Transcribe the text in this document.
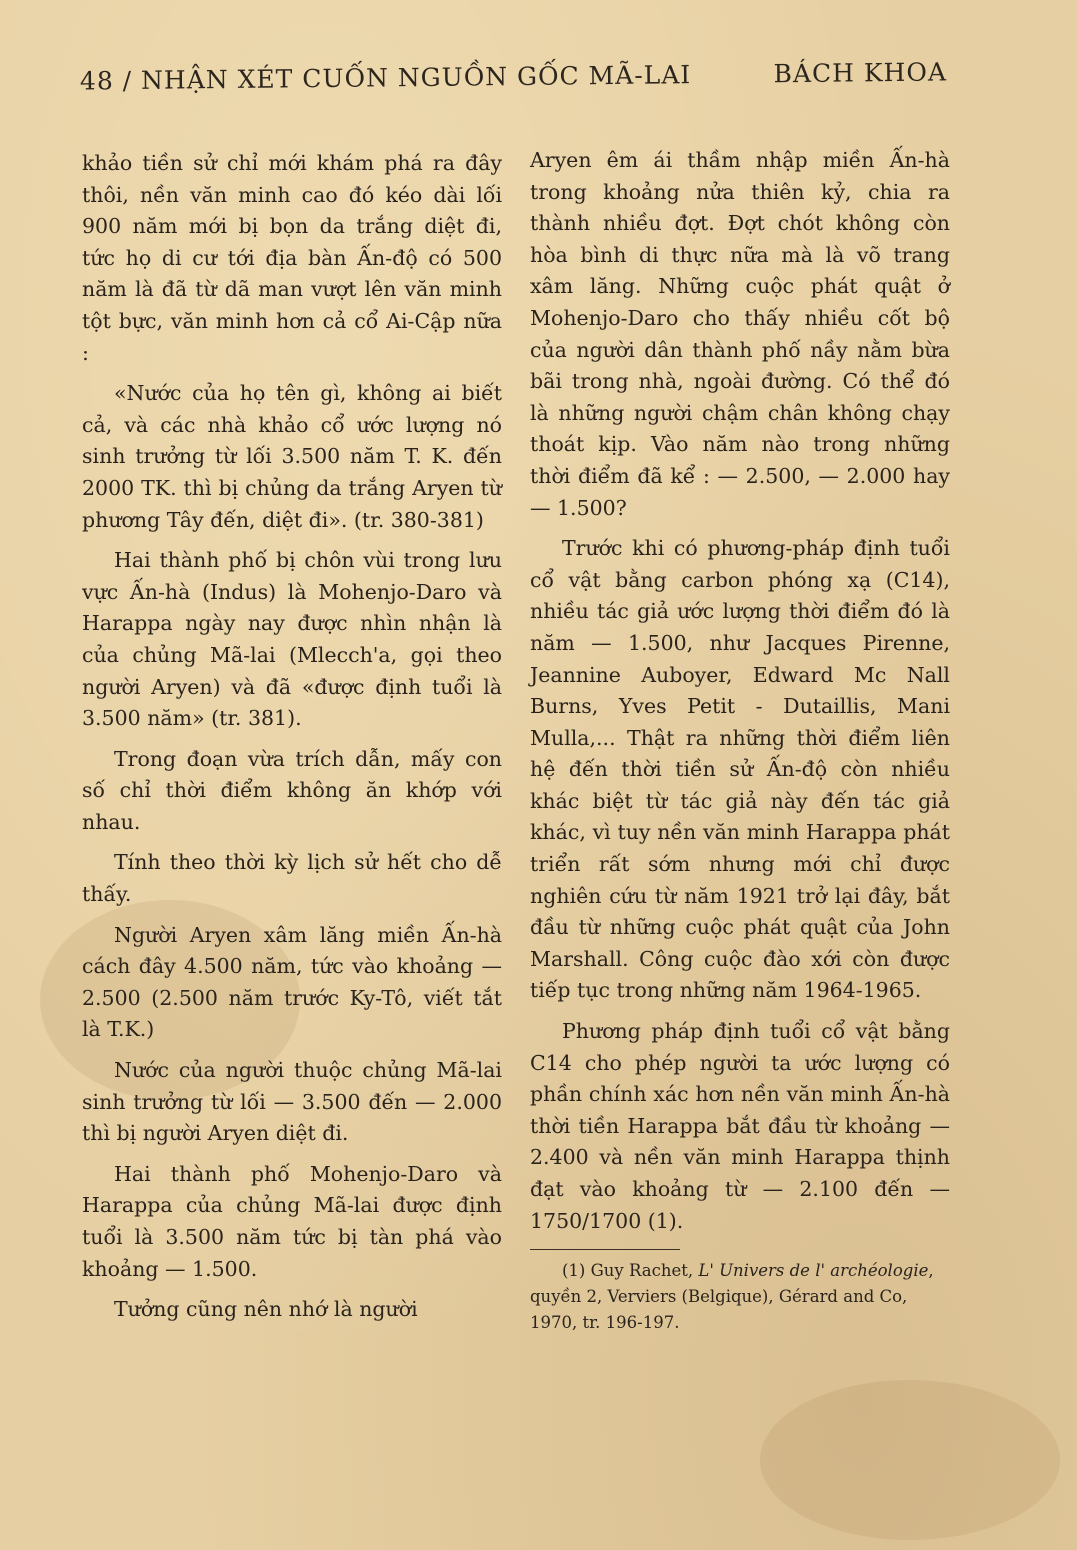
48 / NHẬN XÉT CUỐN NGUỒN GỐC MÃ-LAI	BÁCH KHOA

khảo tiền sử chỉ mới khám phá ra đây thôi, nền văn minh cao đó kéo dài lối 900 năm mới bị bọn da trắng diệt đi, tức họ di cư tới địa bàn Ấn-độ có 500 năm là đã từ dã man vượt lên văn minh tột bực, văn minh hơn cả cổ Ai-Cập nữa :

«Nước của họ tên gì, không ai biết cả, và các nhà khảo cổ ước lượng nó sinh trưởng từ lối 3.500 năm T. K. đến 2000 TK. thì bị chủng da trắng Aryen từ phương Tây đến, diệt đi». (tr. 380-381)

Hai thành phố bị chôn vùi trong lưu vực Ấn-hà (Indus) là Mohenjo-Daro và Harappa ngày nay được nhìn nhận là của chủng Mã-lai (Mlecch'a, gọi theo người Aryen) và đã «được định tuổi là 3.500 năm» (tr. 381).

Trong đoạn vừa trích dẫn, mấy con số chỉ thời điểm không ăn khớp với nhau.

Tính theo thời kỳ lịch sử hết cho dễ thấy.

Người Aryen xâm lăng miền Ấn-hà cách đây 4.500 năm, tức vào khoảng — 2.500 (2.500 năm trước Ky-Tô, viết tắt là T.K.)

Nước của người thuộc chủng Mã-lai sinh trưởng từ lối — 3.500 đến — 2.000 thì bị người Aryen diệt đi.

Hai thành phố Mohenjo-Daro và Harappa của chủng Mã-lai được định tuổi là 3.500 năm tức bị tàn phá vào khoảng — 1.500.

Tưởng cũng nên nhớ là người

Aryen êm ái thầm nhập miền Ấn-hà trong khoảng nửa thiên kỷ, chia ra thành nhiều đợt. Đợt chót không còn hòa bình di thực nữa mà là võ trang xâm lăng. Những cuộc phát quật ở Mohenjo-Daro cho thấy nhiều cốt bộ của người dân thành phố nầy nằm bừa bãi trong nhà, ngoài đường. Có thể đó là những người chậm chân không chạy thoát kịp. Vào năm nào trong những thời điểm đã kể : — 2.500, — 2.000 hay — 1.500?

Trước khi có phương-pháp định tuổi cổ vật bằng carbon phóng xạ (C14), nhiều tác giả ước lượng thời điểm đó là năm — 1.500, như Jacques Pirenne, Jeannine Auboyer, Edward Mc Nall Burns, Yves Petit - Dutaillis, Mani Mulla,... Thật ra những thời điểm liên hệ đến thời tiền sử Ấn-độ còn nhiều khác biệt từ tác giả này đến tác giả khác, vì tuy nền văn minh Harappa phát triển rất sớm nhưng mới chỉ được nghiên cứu từ năm 1921 trở lại đây, bắt đầu từ những cuộc phát quật của John Marshall. Công cuộc đào xới còn được tiếp tục trong những năm 1964-1965.

Phương pháp định tuổi cổ vật bằng C14 cho phép người ta ước lượng có phần chính xác hơn nền văn minh Ấn-hà thời tiền Harappa bắt đầu từ khoảng — 2.400 và nền văn minh Harappa thịnh đạt vào khoảng từ — 2.100 đến — 1750/1700 (1).

(1) Guy Rachet, L' Univers de l' archéologie, quyền 2, Verviers (Belgique), Gérard and Co, 1970, tr. 196-197.
